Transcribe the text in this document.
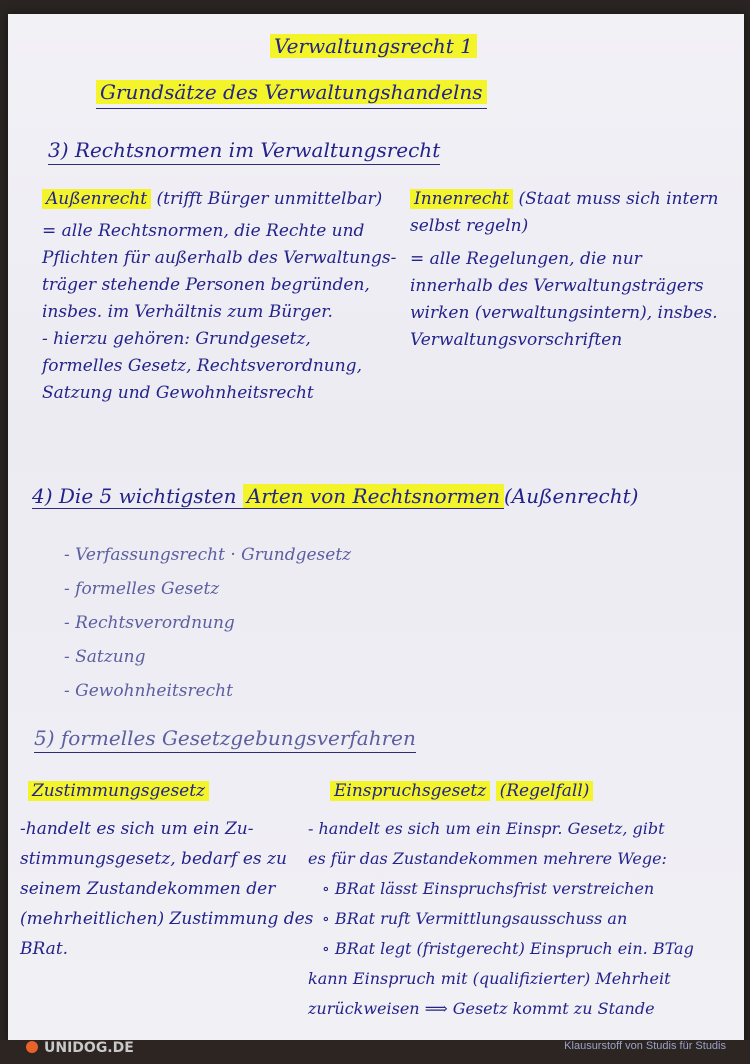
Verwaltungsrecht 1
Grundsätze des Verwaltungshandelns
3) Rechtsnormen im Verwaltungsrecht
Außenrecht (trifft Bürger unmittelbar)
= alle Rechtsnormen, die Rechte und
Pflichten für außerhalb des Verwaltungs-
träger stehende Personen begründen,
insbes. im Verhältnis zum Bürger.
- hierzu gehören: Grundgesetz,
formelles Gesetz, Rechtsverordnung,
Satzung und Gewohnheitsrecht
Innenrecht (Staat muss sich intern selbst regeln)
= alle Regelungen, die nur
innerhalb des Verwaltungsträgers
wirken (verwaltungsintern), insbes.
Verwaltungsvorschriften
4) Die 5 wichtigsten Arten von Rechtsnormen (Außenrecht)
- Verfassungsrecht · Grundgesetz
- formelles Gesetz
- Rechtsverordnung
- Satzung
- Gewohnheitsrecht
5) formelles Gesetzgebungsverfahren
Zustimmungsgesetz
-handelt es sich um ein Zu-
stimmungsgesetz, bedarf es zu
seinem Zustandekommen der
(mehrheitlichen) Zustimmung des
BRat.
Einspruchsgesetz (Regelfall)
- handelt es sich um ein Einspr. Gesetz, gibt
es für das Zustandekommen mehrere Wege:
∘ BRat lässt Einspruchsfrist verstreichen
∘ BRat ruft Vermittlungsausschuss an
∘ BRat legt (fristgerecht) Einspruch ein. BTag
kann Einspruch mit (qualifizierter) Mehrheit
zurückweisen ⟹ Gesetz kommt zu Stande
UNIDOG.DE	Klausurstoff von Studis für Studis
